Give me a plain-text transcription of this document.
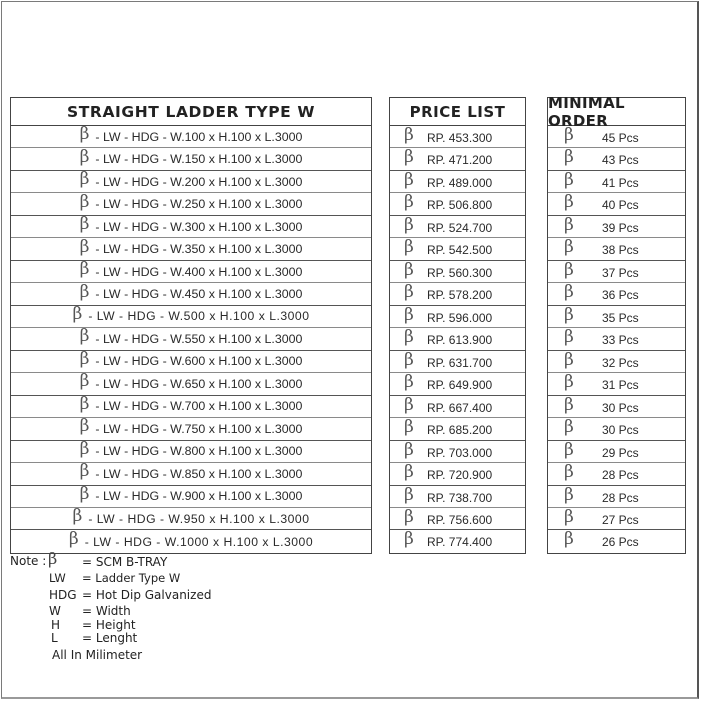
STRAIGHT LADDER TYPE W
β - LW - HDG - W.100 x H.100 x L.3000
β - LW - HDG - W.150 x H.100 x L.3000
β - LW - HDG - W.200 x H.100 x L.3000
β - LW - HDG - W.250 x H.100 x L.3000
β - LW - HDG - W.300 x H.100 x L.3000
β - LW - HDG - W.350 x H.100 x L.3000
β - LW - HDG - W.400 x H.100 x L.3000
β - LW - HDG - W.450 x H.100 x L.3000
β - LW - HDG - W.500 x H.100 x L.3000
β - LW - HDG - W.550 x H.100 x L.3000
β - LW - HDG - W.600 x H.100 x L.3000
β - LW - HDG - W.650 x H.100 x L.3000
β - LW - HDG - W.700 x H.100 x L.3000
β - LW - HDG - W.750 x H.100 x L.3000
β - LW - HDG - W.800 x H.100 x L.3000
β - LW - HDG - W.850 x H.100 x L.3000
β - LW - HDG - W.900 x H.100 x L.3000
β - LW - HDG - W.950 x H.100 x L.3000
β - LW - HDG - W.1000 x H.100 x L.3000
PRICE LIST
β RP. 453.300
β RP. 471.200
β RP. 489.000
β RP. 506.800
β RP. 524.700
β RP. 542.500
β RP. 560.300
β RP. 578.200
β RP. 596.000
β RP. 613.900
β RP. 631.700
β RP. 649.900
β RP. 667.400
β RP. 685.200
β RP. 703.000
β RP. 720.900
β RP. 738.700
β RP. 756.600
β RP. 774.400
MINIMAL ORDER
β 45 Pcs
β 43 Pcs
β 41 Pcs
β 40 Pcs
β 39 Pcs
β 38 Pcs
β 37 Pcs
β 36 Pcs
β 35 Pcs
β 33 Pcs
β 32 Pcs
β 31 Pcs
β 30 Pcs
β 30 Pcs
β 29 Pcs
β 28 Pcs
β 28 Pcs
β 27 Pcs
β 26 Pcs
Note : β = SCM B-TRAY
LW = Ladder Type W
HDG = Hot Dip Galvanized
W = Width
H = Height
L = Lenght
All In Milimeter
